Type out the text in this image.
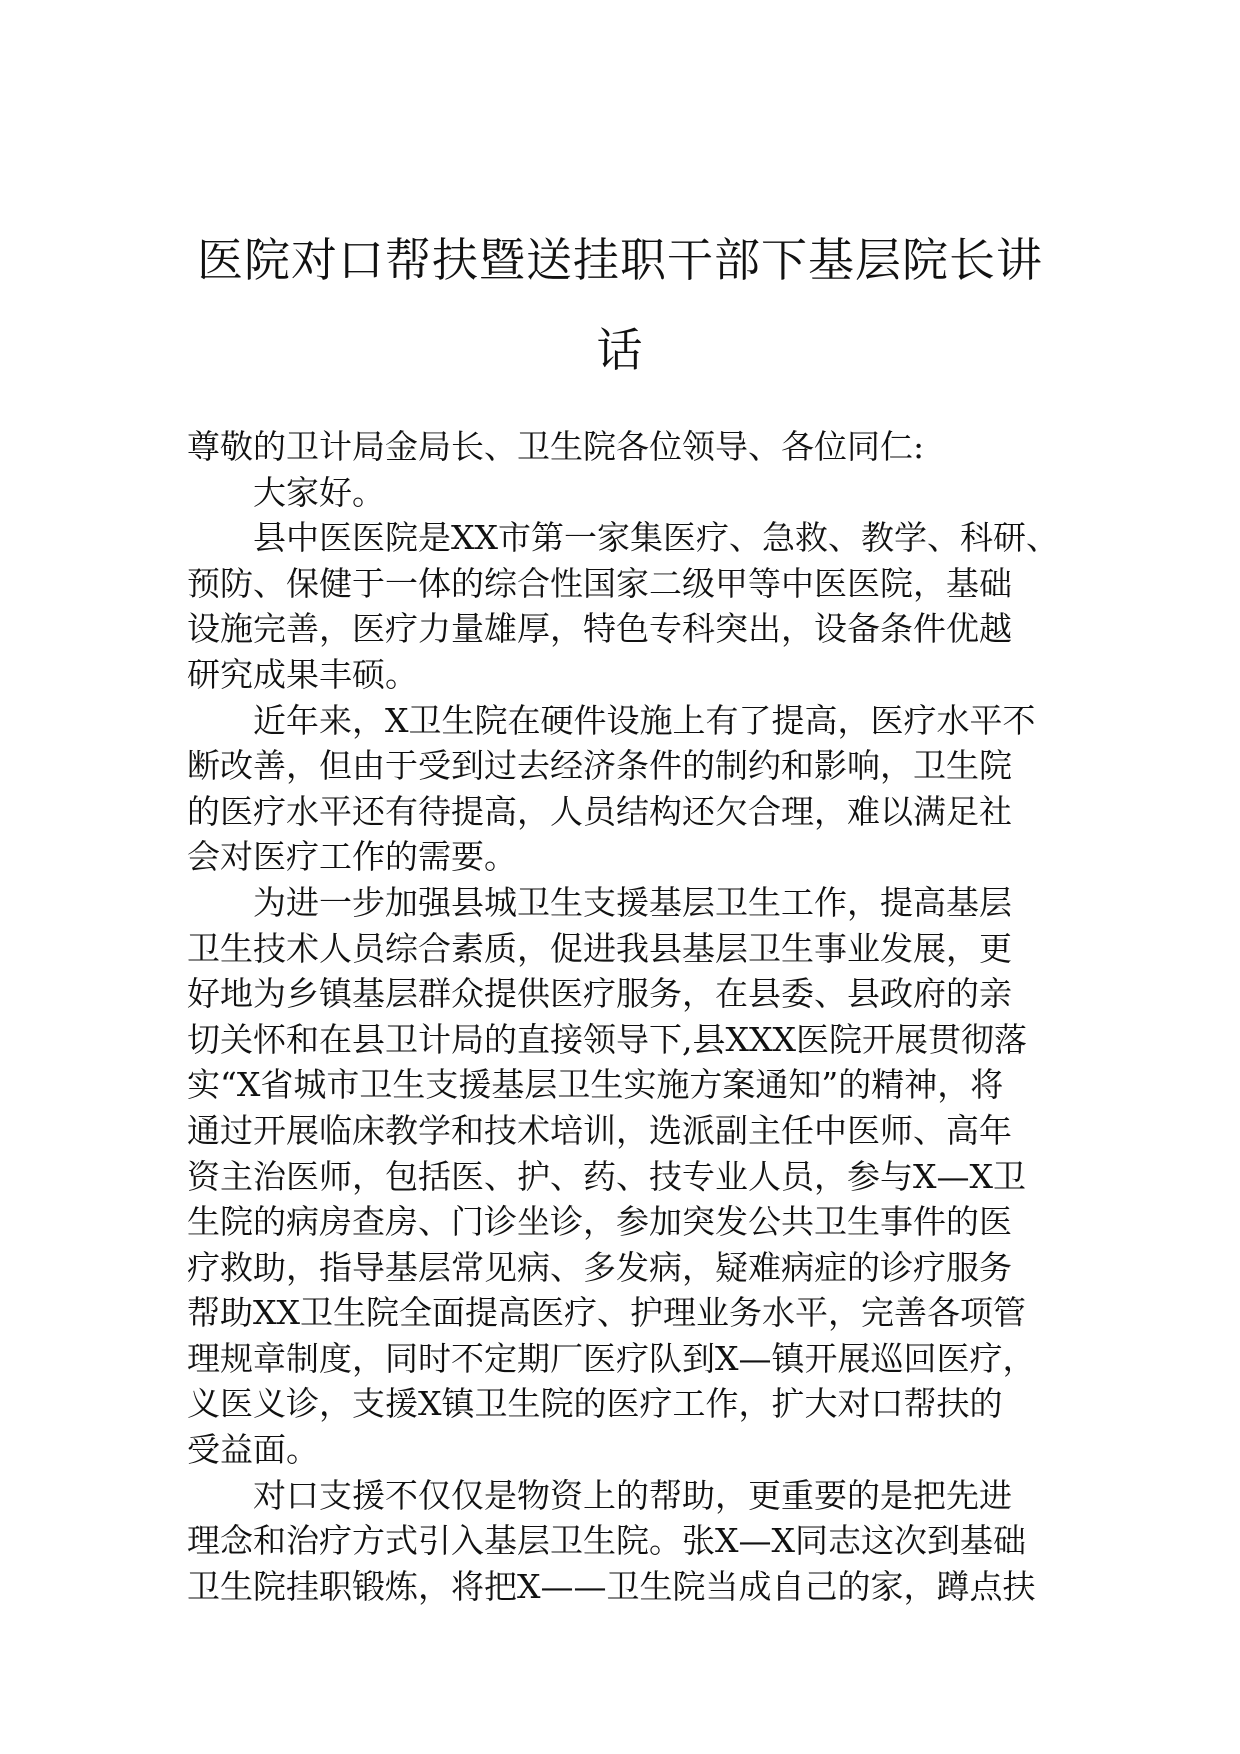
医院对口帮扶暨送挂职干部下基层院长讲
话
尊敬的卫计局金局长、卫生院各位领导、各位同仁:
大家好。
县中医医院是XX市第一家集医疗、急救、教学、科研、
预防、保健于一体的综合性国家二级甲等中医医院，基础
设施完善，医疗力量雄厚，特色专科突出，设备条件优越
研究成果丰硕。
近年来，X卫生院在硬件设施上有了提高，医疗水平不
断改善，但由于受到过去经济条件的制约和影响，卫生院
的医疗水平还有待提高，人员结构还欠合理，难以满足社
会对医疗工作的需要。
为进一步加强县城卫生支援基层卫生工作，提高基层
卫生技术人员综合素质，促进我县基层卫生事业发展，更
好地为乡镇基层群众提供医疗服务，在县委、县政府的亲
切关怀和在县卫计局的直接领导下,县XXX医院开展贯彻落
实“X省城市卫生支援基层卫生实施方案通知”的精神，将
通过开展临床教学和技术培训，选派副主任中医师、高年
资主治医师，包括医、护、药、技专业人员，参与X—X卫
生院的病房查房、门诊坐诊，参加突发公共卫生事件的医
疗救助，指导基层常见病、多发病，疑难病症的诊疗服务
帮助XX卫生院全面提高医疗、护理业务水平，完善各项管
理规章制度，同时不定期厂医疗队到X—镇开展巡回医疗，
义医义诊，支援X镇卫生院的医疗工作，扩大对口帮扶的
受益面。
对口支援不仅仅是物资上的帮助，更重要的是把先进
理念和治疗方式引入基层卫生院。张X—X同志这次到基础
卫生院挂职锻炼，将把X——卫生院当成自己的家，蹲点扶
